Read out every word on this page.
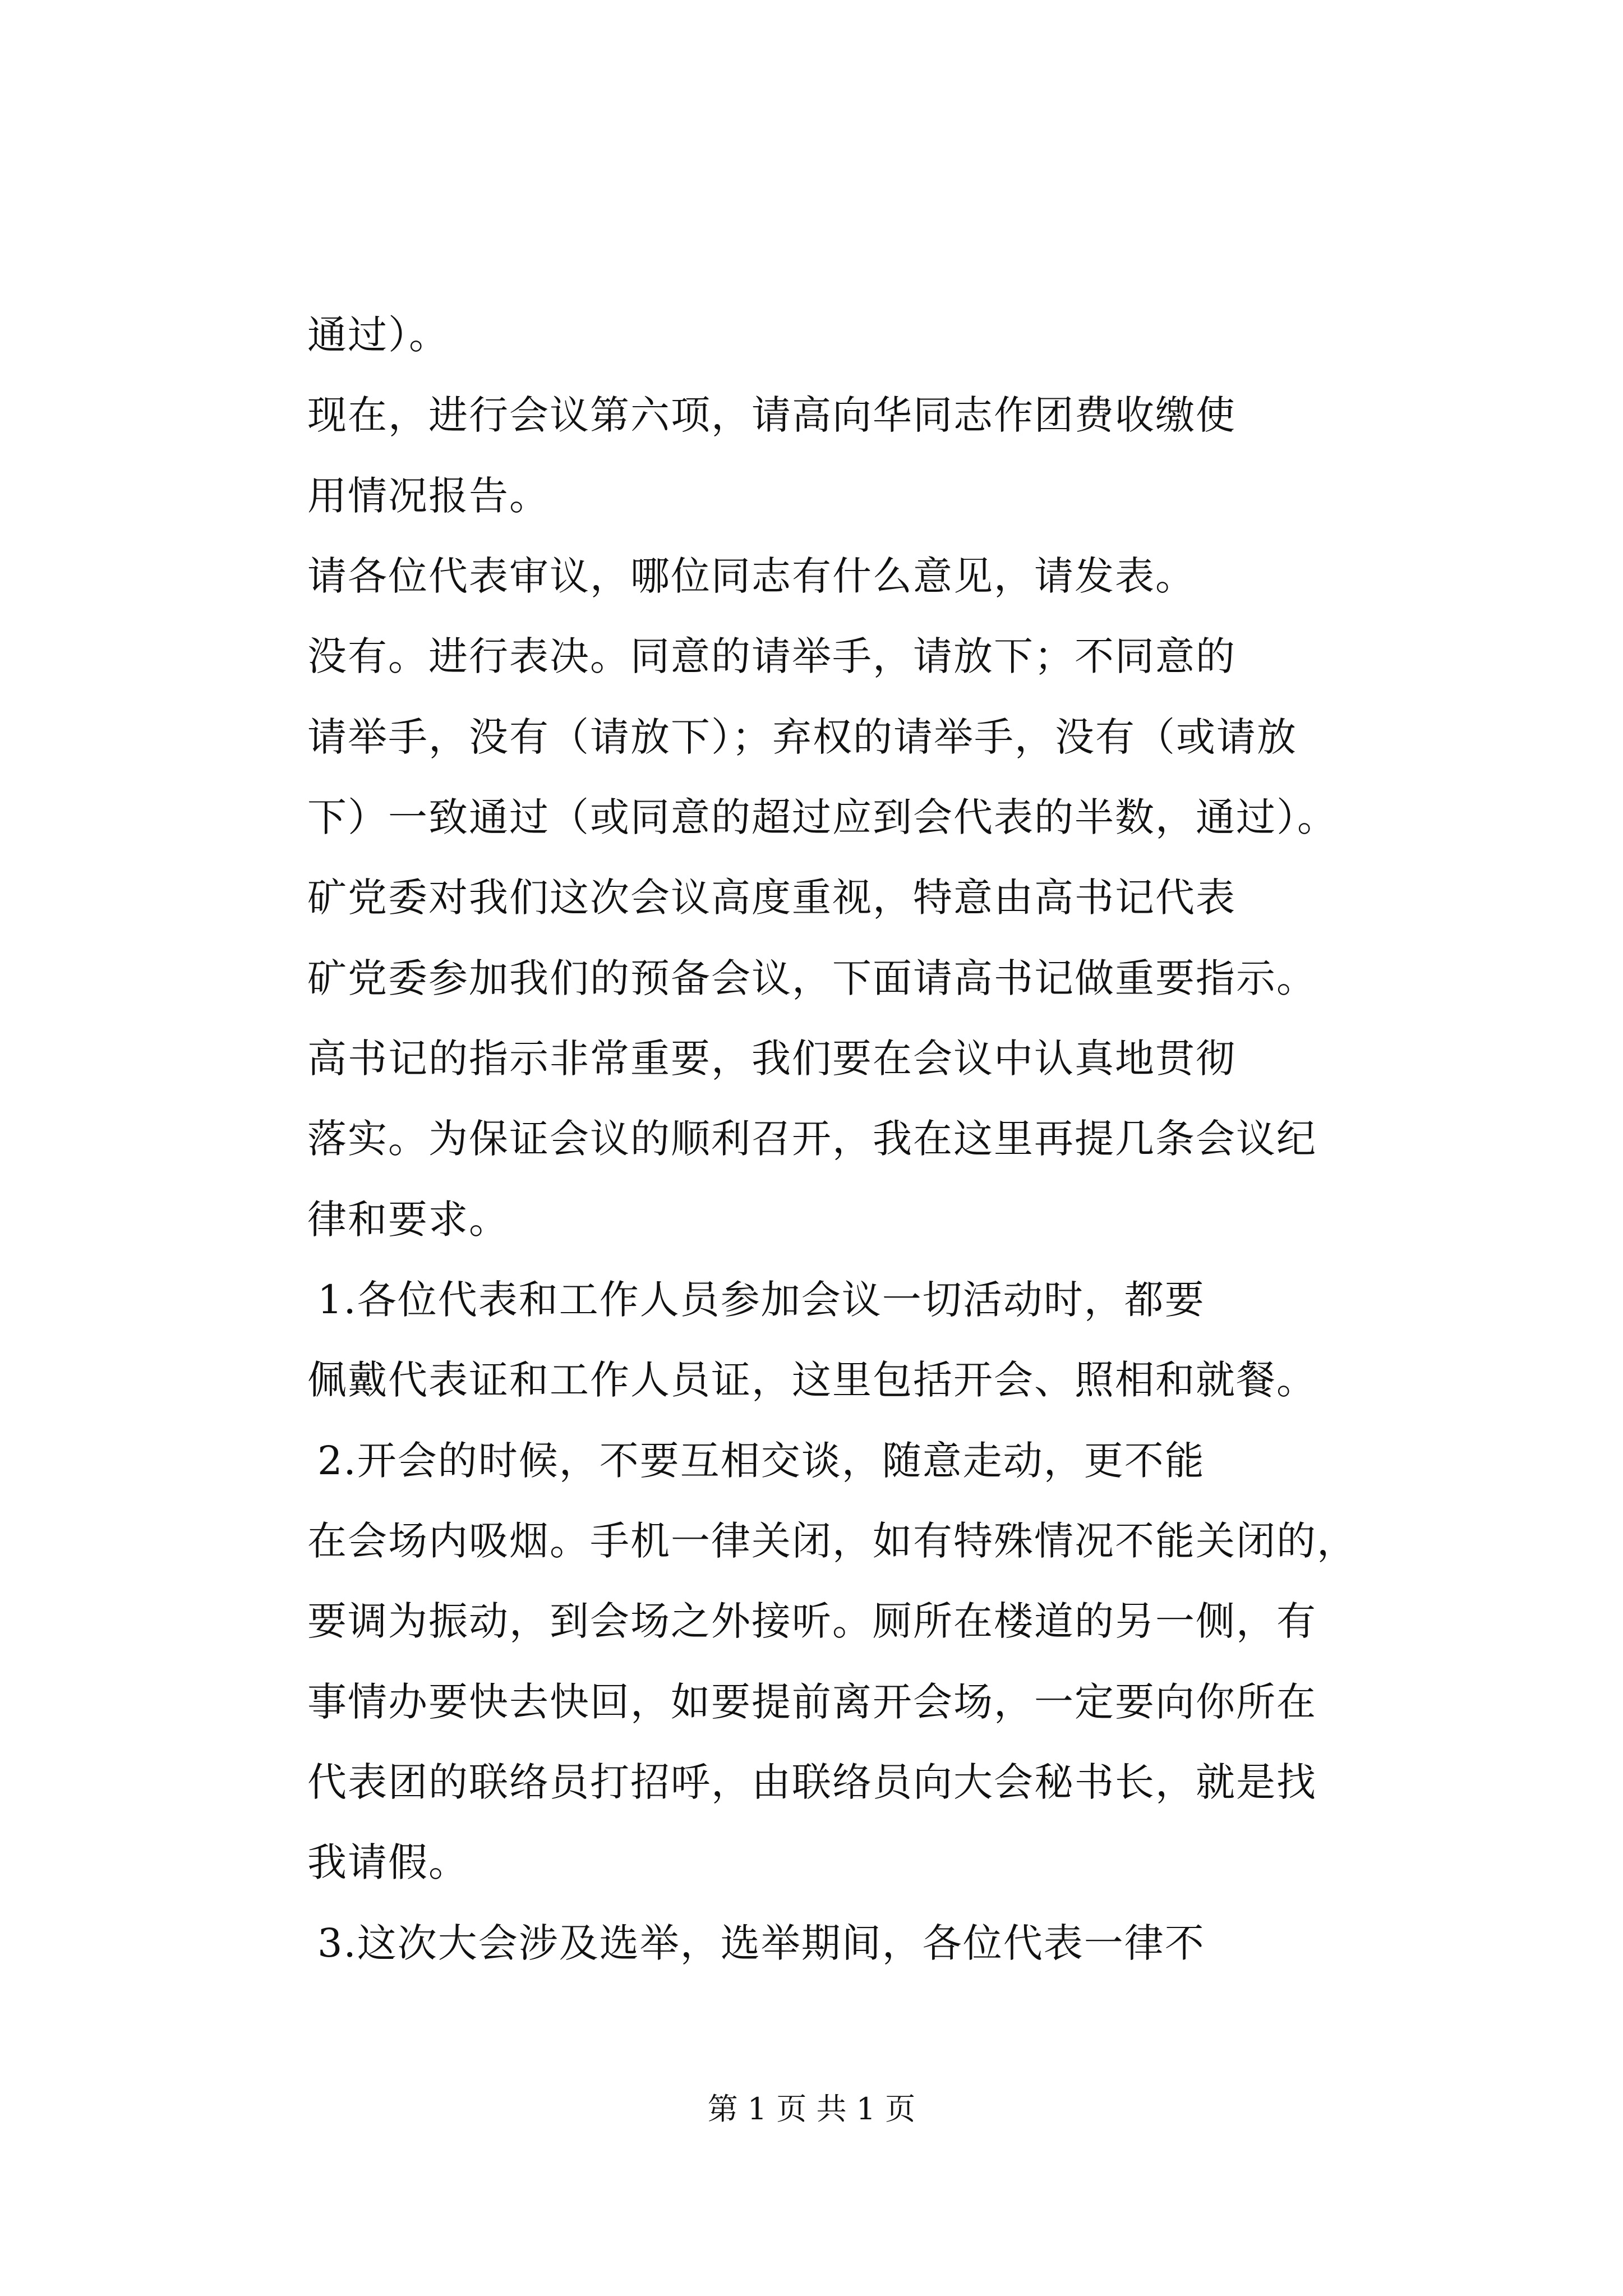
通过）。
现在，进行会议第六项，请高向华同志作团费收缴使
用情况报告。
请各位代表审议，哪位同志有什么意见，请发表。
没有。进行表决。同意的请举手，请放下；不同意的
请举手，没有（请放下）；弃权的请举手，没有（或请放
下）一致通过（或同意的超过应到会代表的半数，通过）。
矿党委对我们这次会议高度重视，特意由高书记代表
矿党委参加我们的预备会议，下面请高书记做重要指示。
高书记的指示非常重要，我们要在会议中认真地贯彻
落实。为保证会议的顺利召开，我在这里再提几条会议纪
律和要求。
1.各位代表和工作人员参加会议一切活动时，都要
佩戴代表证和工作人员证，这里包括开会、照相和就餐。
2.开会的时候，不要互相交谈，随意走动，更不能
在会场内吸烟。手机一律关闭，如有特殊情况不能关闭的，
要调为振动，到会场之外接听。厕所在楼道的另一侧，有
事情办要快去快回，如要提前离开会场，一定要向你所在
代表团的联络员打招呼，由联络员向大会秘书长，就是找
我请假。
3.这次大会涉及选举，选举期间，各位代表一律不
第 1 页 共 1 页
